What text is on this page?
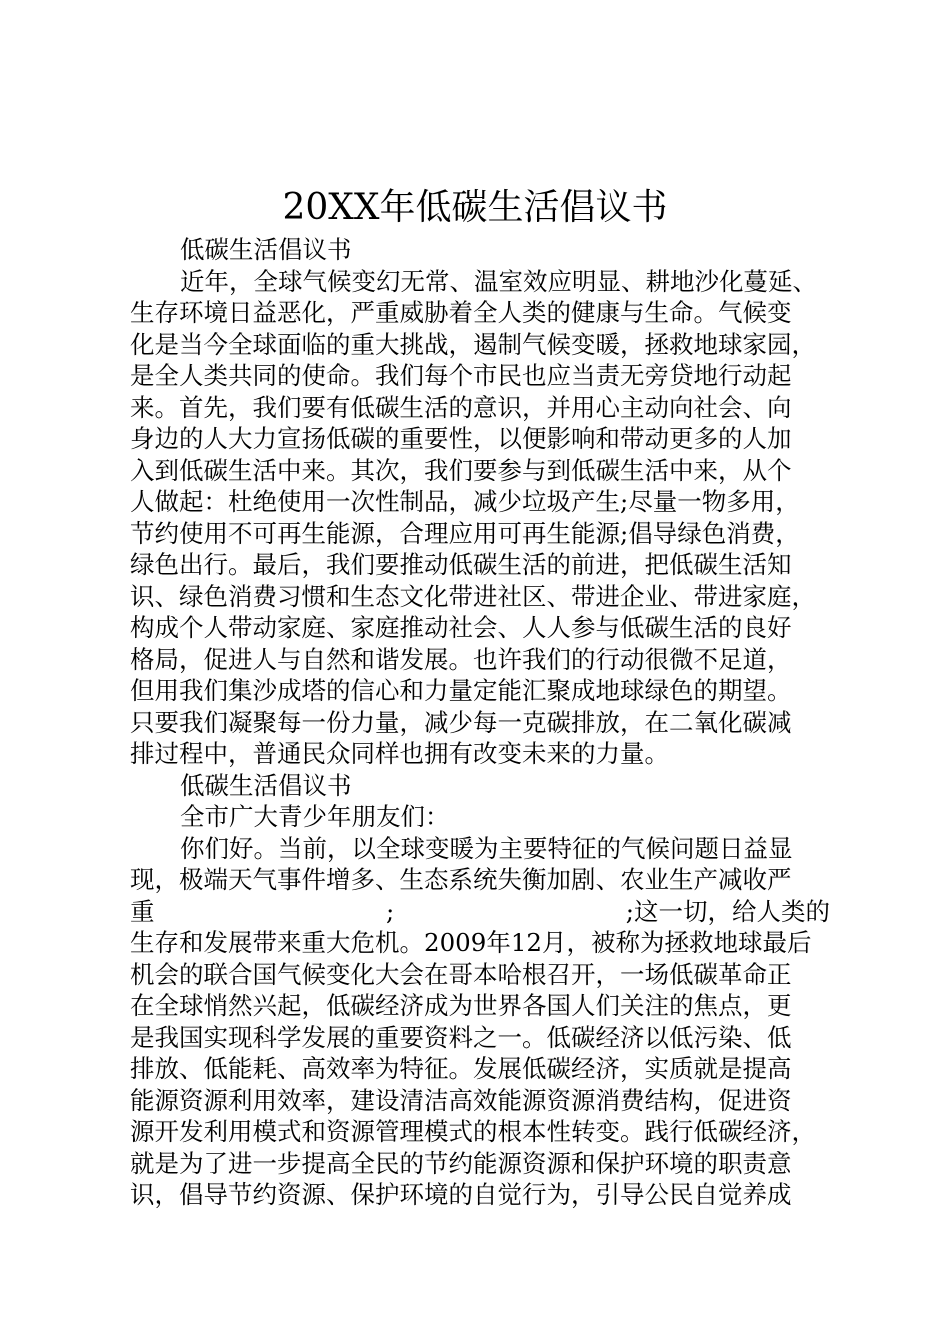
20XX年低碳生活倡议书
低碳生活倡议书
近年，全球气候变幻无常、温室效应明显、耕地沙化蔓延、
生存环境日益恶化，严重威胁着全人类的健康与生命。气候变
化是当今全球面临的重大挑战，遏制气候变暖，拯救地球家园，
是全人类共同的使命。我们每个市民也应当责无旁贷地行动起
来。首先，我们要有低碳生活的意识，并用心主动向社会、向
身边的人大力宣扬低碳的重要性，以便影响和带动更多的人加
入到低碳生活中来。其次，我们要参与到低碳生活中来，从个
人做起：杜绝使用一次性制品，减少垃圾产生;尽量一物多用，
节约使用不可再生能源，合理应用可再生能源;倡导绿色消费，
绿色出行。最后，我们要推动低碳生活的前进，把低碳生活知
识、绿色消费习惯和生态文化带进社区、带进企业、带进家庭，
构成个人带动家庭、家庭推动社会、人人参与低碳生活的良好
格局，促进人与自然和谐发展。也许我们的行动很微不足道，
但用我们集沙成塔的信心和力量定能汇聚成地球绿色的期望。
只要我们凝聚每一份力量，减少每一克碳排放，在二氧化碳减
排过程中，普通民众同样也拥有改变未来的力量。
低碳生活倡议书
全市广大青少年朋友们：
你们好。当前，以全球变暖为主要特征的气候问题日益显
现，极端天气事件增多、生态系统失衡加剧、农业生产减收严
重	;	;这一切，给人类的
生存和发展带来重大危机。2009年12月，被称为拯救地球最后
机会的联合国气候变化大会在哥本哈根召开，一场低碳革命正
在全球悄然兴起，低碳经济成为世界各国人们关注的焦点，更
是我国实现科学发展的重要资料之一。低碳经济以低污染、低
排放、低能耗、高效率为特征。发展低碳经济，实质就是提高
能源资源利用效率，建设清洁高效能源资源消费结构，促进资
源开发利用模式和资源管理模式的根本性转变。践行低碳经济，
就是为了进一步提高全民的节约能源资源和保护环境的职责意
识，倡导节约资源、保护环境的自觉行为，引导公民自觉养成
